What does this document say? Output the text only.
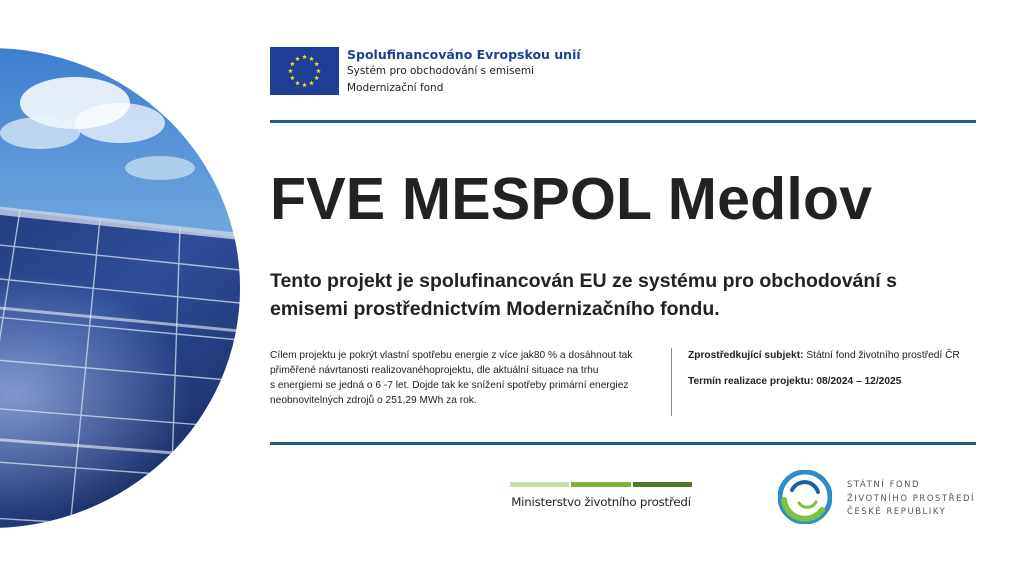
Spolufinancováno Evropskou unií
Systém pro obchodování s emisemi
Modernizační fond
FVE MESPOL Medlov

Tento projekt je spolufinancován EU ze systému pro obchodování s emisemi prostřednictvím Modernizačního fondu.

Cílem projektu je pokrýt vlastní spotřebu energie z více jak80 % a dosáhnout tak
přiměřené návrtanosti realizovanéhoprojektu, dle aktuální situace na trhu
s energiemi se jedná o 6 -7 let. Dojde tak ke snížení spotřeby primární energiez
neobnovitelných zdrojů o 251,29 MWh za rok.
Zprostředkující subjekt: Státní fond životního prostředí ČR
Termín realizace projektu: 08/2024 – 12/2025
Ministerstvo životního prostředí
STÁTNÍ FOND
ŽIVOTNÍHO PROSTŘEDÍ
ČESKÉ REPUBLIKY
